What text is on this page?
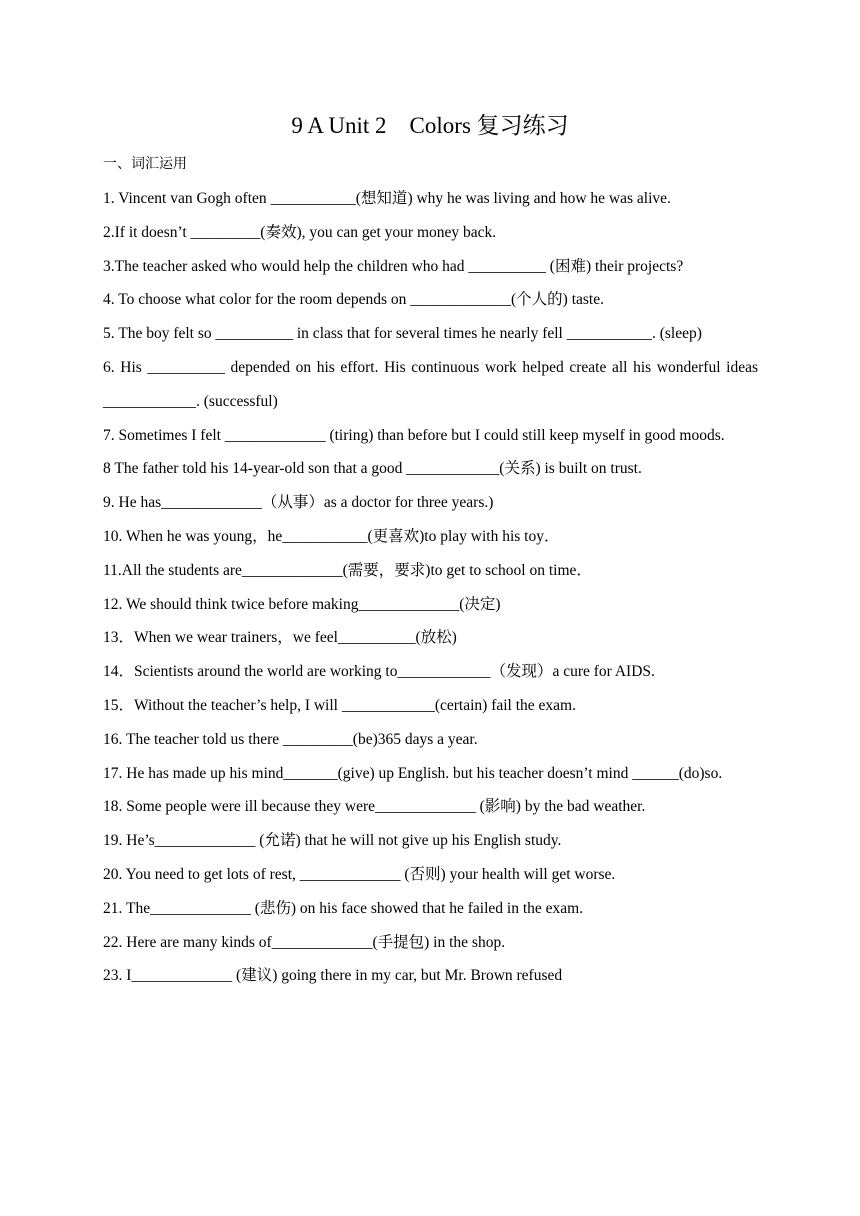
9 A Unit 2　Colors 复习练习
一、词汇运用

1. Vincent van Gogh often ___________(想知道) why he was living and how he was alive.

2.If it doesn’t _________(奏效), you can get your money back.

3.The teacher asked who would help the children who had __________ (困难) their projects?

4. To choose what color for the room depends on _____________(个人的) taste.

5. The boy felt so __________ in class that for several times he nearly fell ___________. (sleep)

6. His __________ depended on his effort. His continuous work helped create all his wonderful ideas ____________. (successful)

7. Sometimes I felt _____________ (tiring) than before but I could still keep myself in good moods.

8 The father told his 14-year-old son that a good ____________(关系) is built on trust.

9. He has_____________（从事）as a doctor for three years.)

10. When he was young，he___________(更喜欢)to play with his toy．

11.All the students are_____________(需要，要求)to get to school on time．

12. We should think twice before making_____________(决定)

13．When we wear trainers，we feel__________(放松)

14．Scientists around the world are working to____________（发现）a cure for AIDS.

15．Without the teacher’s help, I will ____________(certain) fail the exam.

16. The teacher told us there _________(be)365 days a year.

17. He has made up his mind_______(give) up English. but his teacher doesn’t mind ______(do)so.

18. Some people were ill because they were_____________ (影响) by the bad weather.

19. He’s_____________ (允诺) that he will not give up his English study.

20. You need to get lots of rest, _____________ (否则) your health will get worse.

21. The_____________ (悲伤) on his face showed that he failed in the exam.

22. Here are many kinds of_____________(手提包) in the shop.

23. I_____________ (建议) going there in my car, but Mr. Brown refused
